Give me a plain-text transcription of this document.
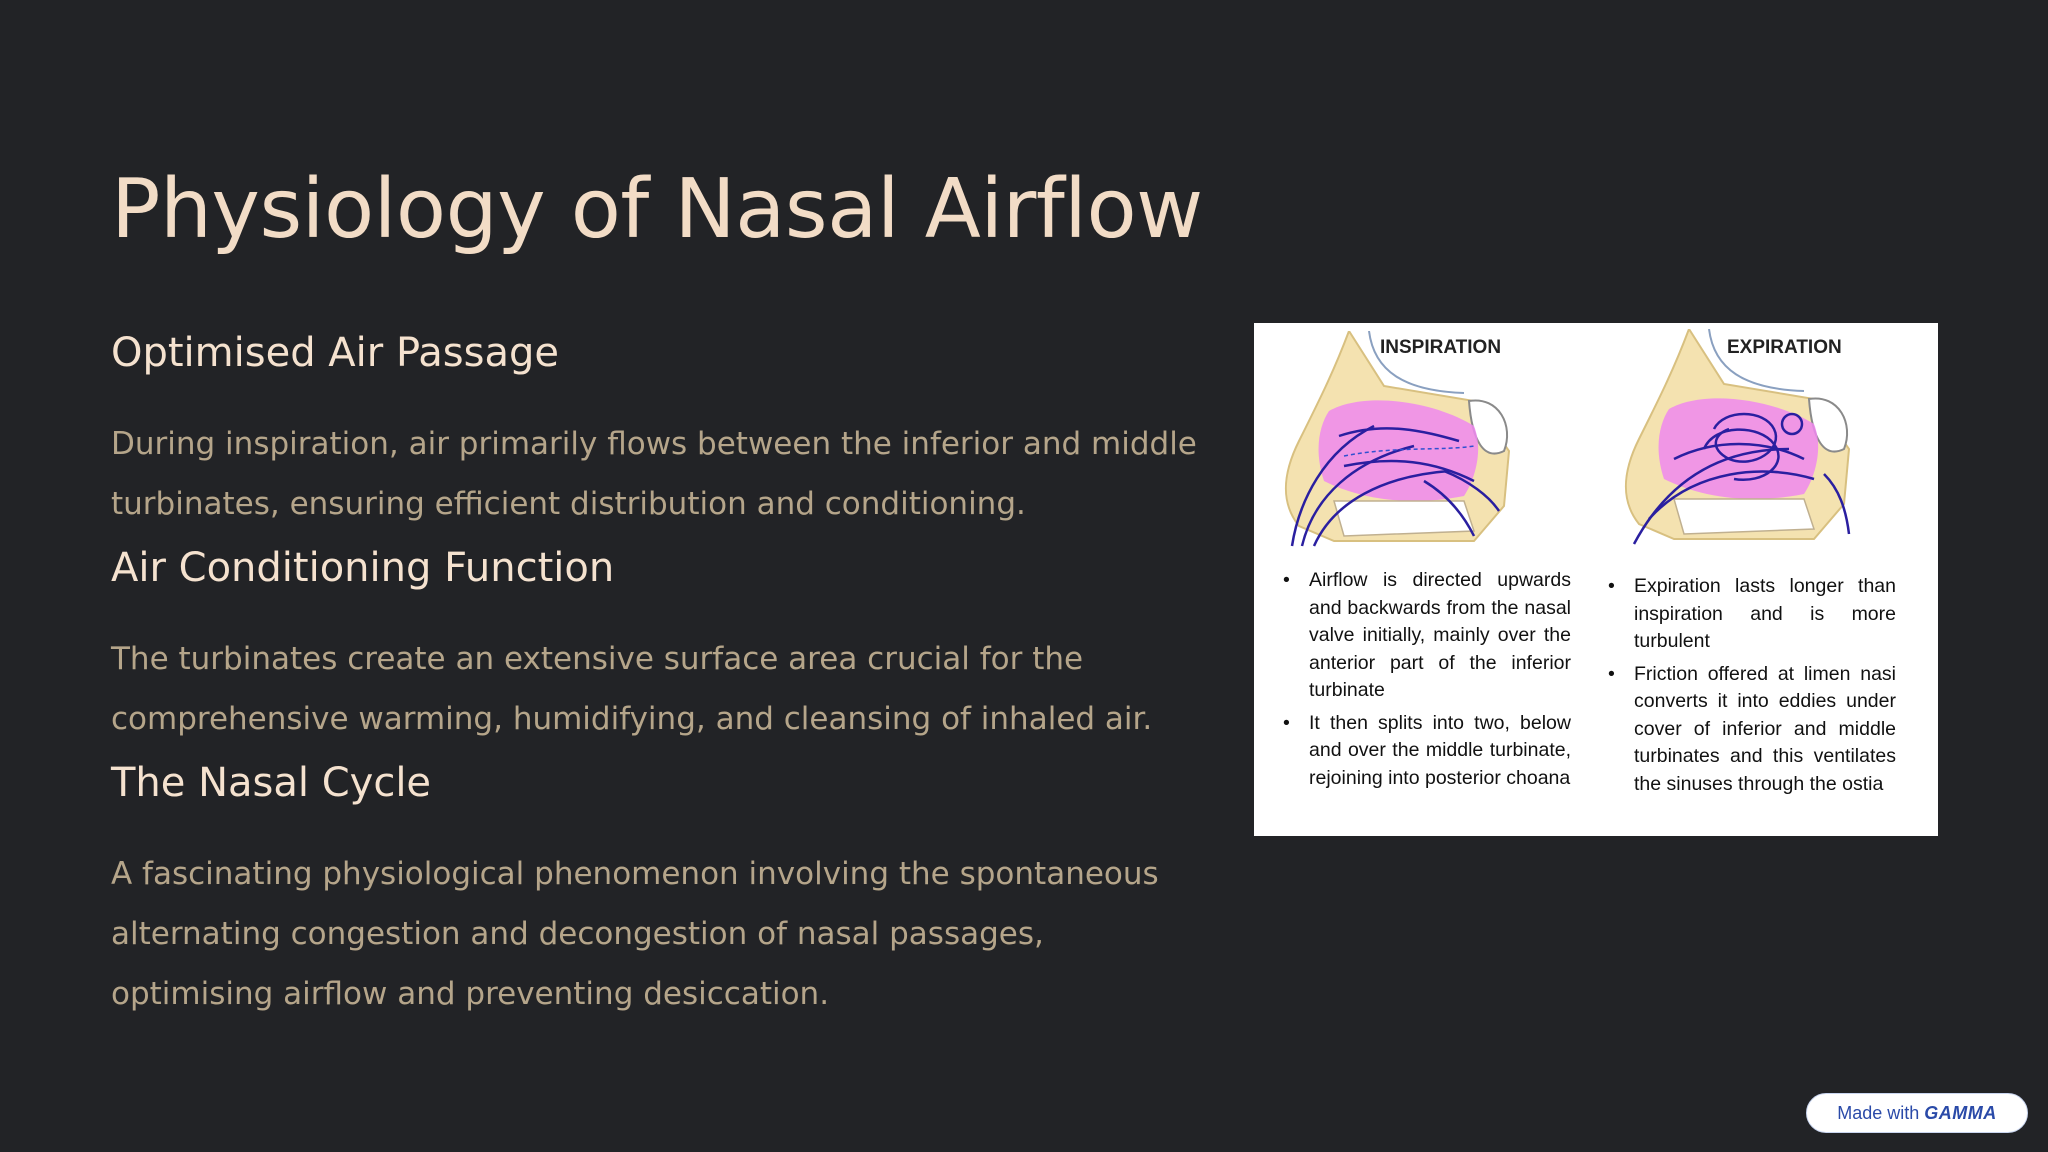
Physiology of Nasal Airflow
Optimised Air Passage

During inspiration, air primarily flows between the inferior and middle turbinates, ensuring efficient distribution and conditioning.

Air Conditioning Function

The turbinates create an extensive surface area crucial for the comprehensive warming, humidifying, and cleansing of inhaled air.

The Nasal Cycle

A fascinating physiological phenomenon involving the spontaneous alternating congestion and decongestion of nasal passages, optimising airflow and preventing desiccation.

INSPIRATION	EXPIRATION
• Airflow is directed upwards and backwards from the nasal valve initially, mainly over the anterior part of the inferior turbinate
• It then splits into two, below and over the middle turbinate, rejoining into posterior choana
• Expiration lasts longer than inspiration and is more turbulent
• Friction offered at limen nasi converts it into eddies under cover of inferior and middle turbinates and this ventilates the sinuses through the ostia
Made with GAMMA
